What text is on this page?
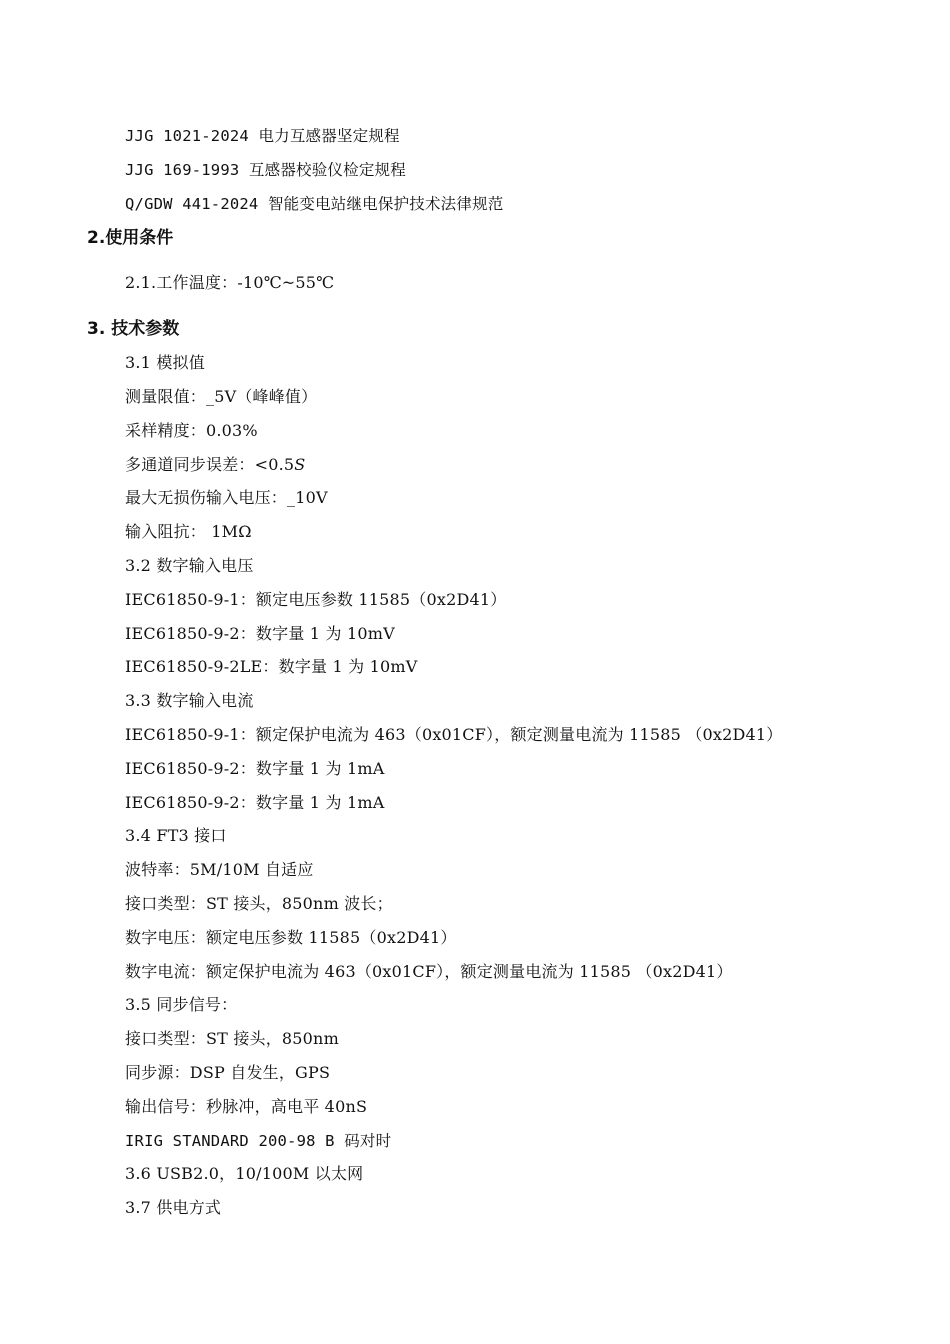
JJG 1021-2024 电力互感器坚定规程
JJG 169-1993 互感器校验仪检定规程
Q/GDW 441-2024 智能变电站继电保护技术法律规范
2.使用条件
2.1.工作温度：-10℃~55℃
3. 技术参数
3.1 模拟值
测量限值：_5V（峰峰值）
采样精度：0.03%
多通道同步误差：<0.5𝑆
最大无损伤输入电压：_10V
输入阻抗： 1MΩ
3.2 数字输入电压
IEC61850-9-1：额定电压参数 11585（0x2D41）
IEC61850-9-2：数字量 1 为 10mV
IEC61850-9-2LE：数字量 1 为 10mV
3.3 数字输入电流
IEC61850-9-1：额定保护电流为 463（0x01CF），额定测量电流为 11585 （0x2D41）
IEC61850-9-2：数字量 1 为 1mA
IEC61850-9-2：数字量 1 为 1mA
3.4 FT3 接口
波特率：5M/10M 自适应
接口类型：ST 接头，850nm 波长；
数字电压：额定电压参数 11585（0x2D41）
数字电流：额定保护电流为 463（0x01CF），额定测量电流为 11585 （0x2D41）
3.5 同步信号：
接口类型：ST 接头，850nm
同步源：DSP 自发生，GPS
输出信号：秒脉冲，高电平 40nS
IRIG STANDARD 200-98 B 码对时
3.6 USB2.0，10/100M 以太网
3.7 供电方式
